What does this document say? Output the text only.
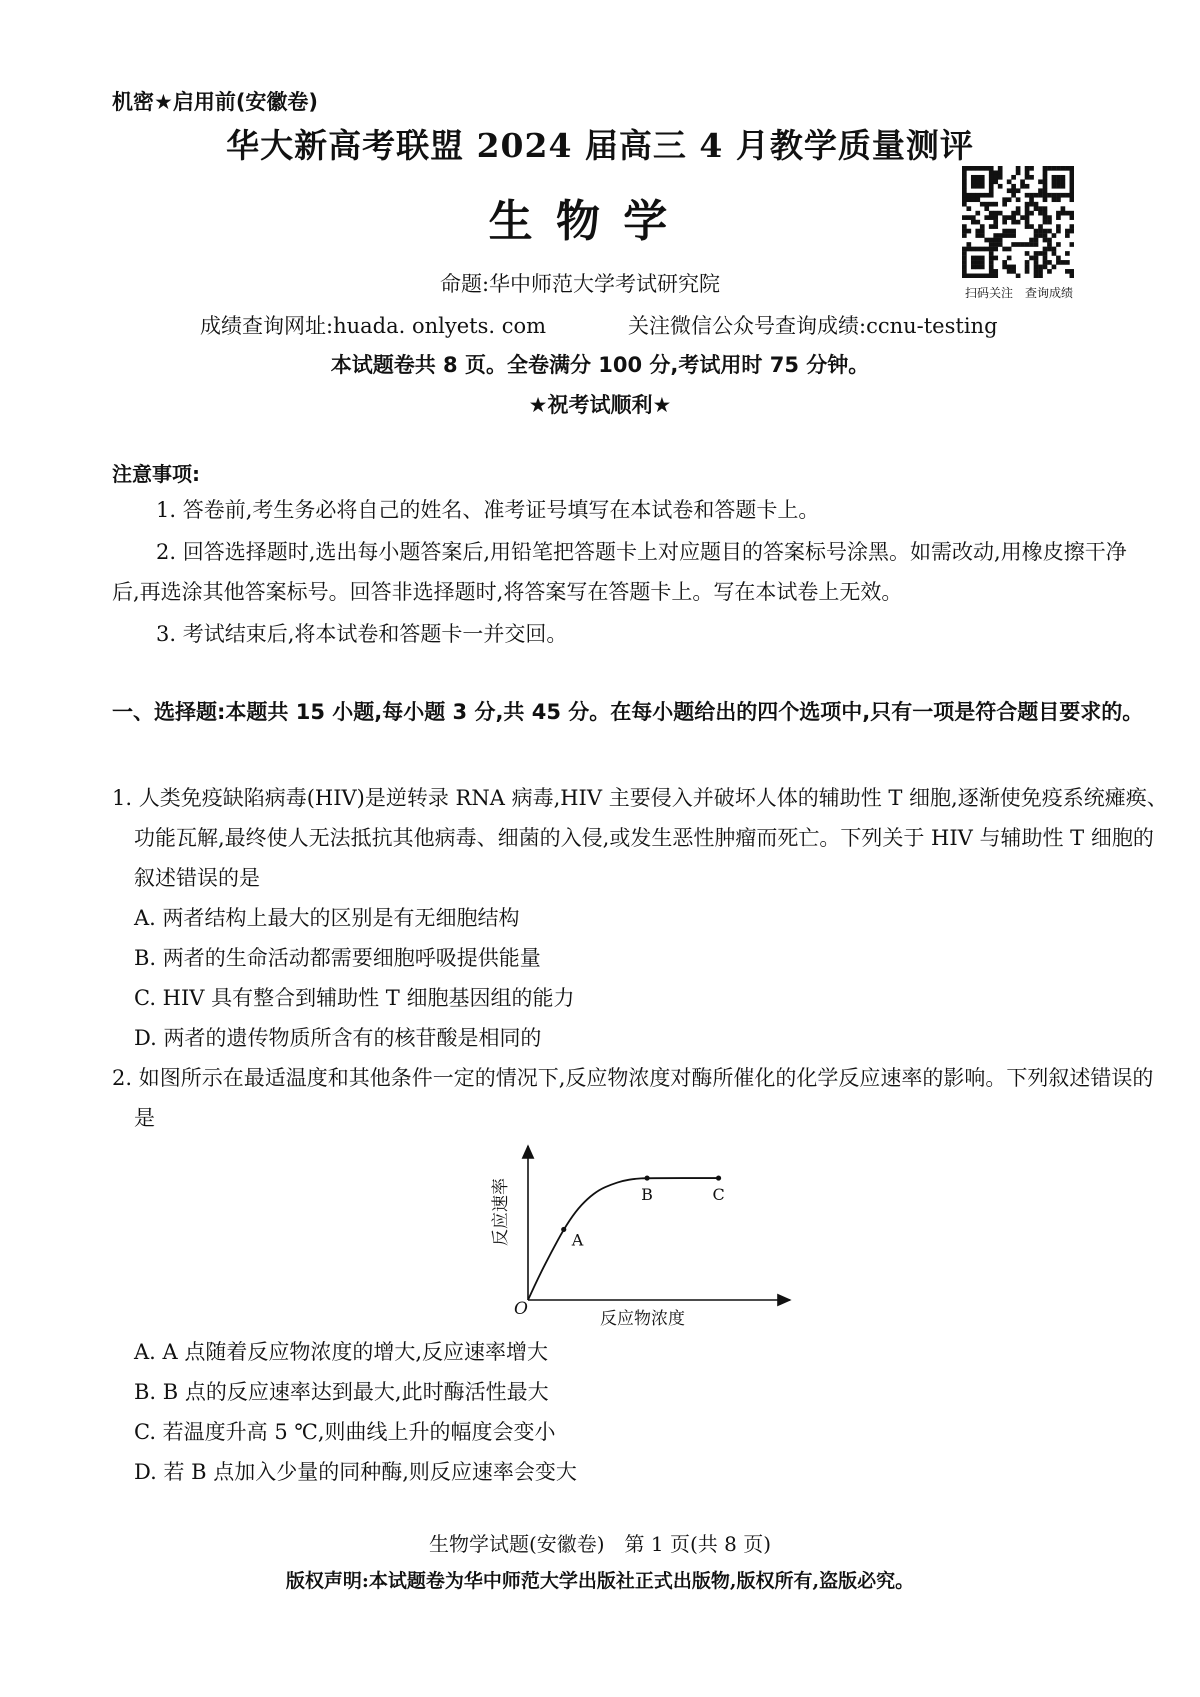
机密★启用前(安徽卷)
华大新高考联盟 2024 届高三 4 月教学质量测评
生 物 学
扫码关注　查询成绩
命题:华中师范大学考试研究院
成绩查询网址:huada. onlyets. com	关注微信公众号查询成绩:ccnu-testing
本试题卷共 8 页。全卷满分 100 分,考试用时 75 分钟。
★祝考试顺利★
注意事项:
1. 答卷前,考生务必将自己的姓名、准考证号填写在本试卷和答题卡上。
2. 回答选择题时,选出每小题答案后,用铅笔把答题卡上对应题目的答案标号涂黑。如需改动,用橡皮擦干净后,再选涂其他答案标号。回答非选择题时,将答案写在答题卡上。写在本试卷上无效。
3. 考试结束后,将本试卷和答题卡一并交回。
一、选择题:本题共 15 小题,每小题 3 分,共 45 分。在每小题给出的四个选项中,只有一项是符合题目要求的。
1. 人类免疫缺陷病毒(HIV)是逆转录 RNA 病毒,HIV 主要侵入并破坏人体的辅助性 T 细胞,逐渐使免疫系统瘫痪、功能瓦解,最终使人无法抵抗其他病毒、细菌的入侵,或发生恶性肿瘤而死亡。下列关于 HIV 与辅助性 T 细胞的叙述错误的是
A. 两者结构上最大的区别是有无细胞结构
B. 两者的生命活动都需要细胞呼吸提供能量
C. HIV 具有整合到辅助性 T 细胞基因组的能力
D. 两者的遗传物质所含有的核苷酸是相同的
2. 如图所示在最适温度和其他条件一定的情况下,反应物浓度对酶所催化的化学反应速率的影响。下列叙述错误的是
A
B	C
O	反应物浓度
反应速率
A. A 点随着反应物浓度的增大,反应速率增大
B. B 点的反应速率达到最大,此时酶活性最大
C. 若温度升高 5 ℃,则曲线上升的幅度会变小
D. 若 B 点加入少量的同种酶,则反应速率会变大
生物学试题(安徽卷)　第 1 页(共 8 页)
版权声明:本试题卷为华中师范大学出版社正式出版物,版权所有,盗版必究。
